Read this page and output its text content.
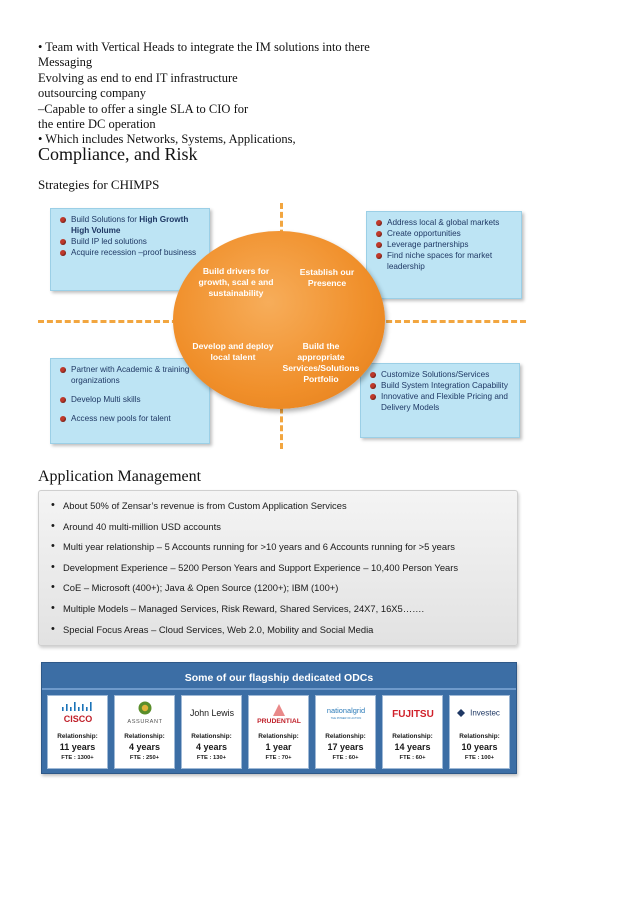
• Team with Vertical Heads to integrate the IM solutions into there
Messaging
Evolving as end to end IT infrastructure
outsourcing company
–Capable to offer a single SLA to CIO for
the entire DC operation
• Which includes Networks, Systems, Applications,
Compliance, and Risk
Strategies for CHIMPS
Build Solutions for High Growth High Volume
Build IP led solutions
Acquire recession –proof business
Address local & global markets
Create opportunities
Leverage partnerships
Find niche spaces for market leadership
Partner with Academic & training organizations
Develop Multi skills
Access new pools for talent
Customize Solutions/Services
Build System Integration Capability
Innovative and Flexible Pricing and Delivery Models
Build drivers for growth, scal e and sustainability
Establish our Presence
Develop and deploy local talent
Build the appropriate Services/Solutions Portfolio
Application Management
• About 50% of Zensar’s revenue is from Custom Application Services
• Around 40 multi-million USD accounts
• Multi year relationship – 5 Accounts running for >10 years and 6 Accounts running for >5 years
• Development Experience – 5200 Person Years and Support Experience – 10,400 Person Years
• CoE – Microsoft (400+); Java & Open Source (1200+); IBM (100+)
• Multiple Models – Managed Services, Risk Reward, Shared Services, 24X7, 16X5…….
• Special Focus Areas – Cloud Services, Web 2.0, Mobility and Social Media
Some of our flagship dedicated ODCs
CISCO
Relationship:
11 years
FTE : 1300+
ASSURANT
Relationship:
4 years
FTE : 250+
John Lewis
Relationship:
4 years
FTE : 130+
PRUDENTIAL
Relationship:
1 year
FTE : 70+
nationalgrid
THE POWER OF ACTION
Relationship:
17 years
FTE : 60+
FUJITSU
Relationship:
14 years
FTE : 60+
Investec
Relationship:
10 years
FTE : 100+
